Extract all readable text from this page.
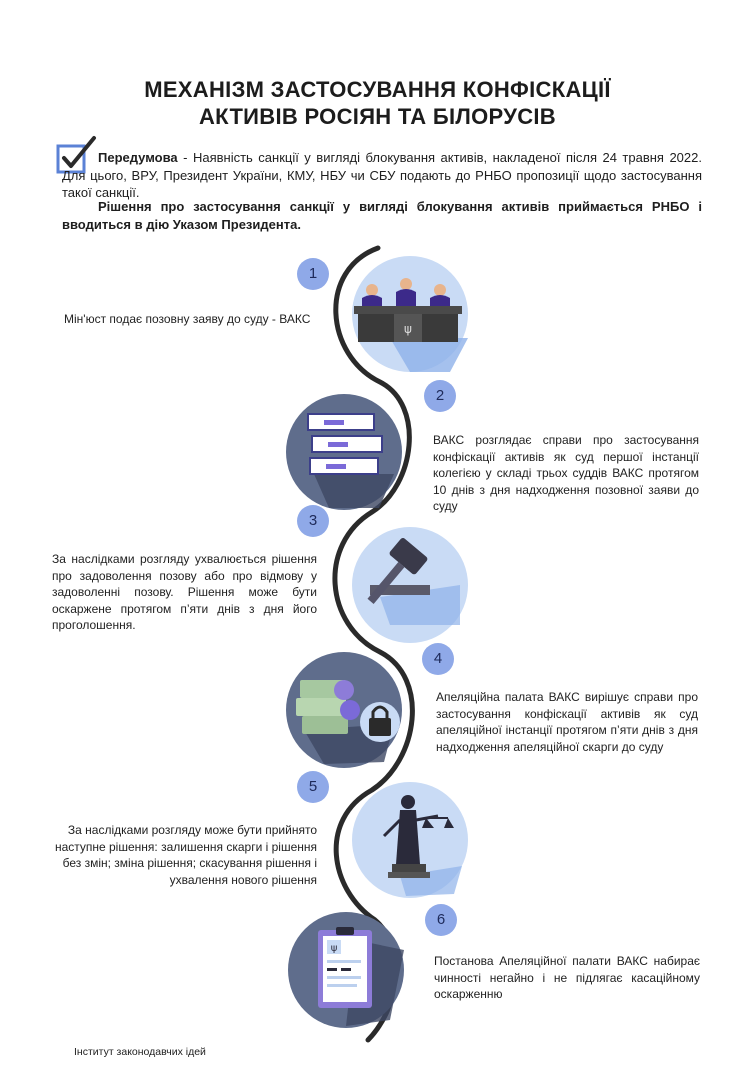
МЕХАНІЗМ ЗАСТОСУВАННЯ КОНФІСКАЦІЇ
АКТИВІВ РОСІЯН ТА БІЛОРУСІВ

Передумова - Наявність санкції у вигляді блокування активів, накладеної після 24 травня 2022. Для цього, ВРУ, Президент України, КМУ, НБУ чи СБУ подають до РНБО пропозиції щодо застосування такої санкції.

Рішення про застосування санкції у вигляді блокування активів приймається РНБО і вводиться в дію Указом Президента.

1
ψ

Мін'юст подає позовну заяву до суду - ВАКС

2

ВАКС розглядає справи про застосування конфіскації активів як суд першої інстанції колегією у складі трьох суддів ВАКС протягом 10 днів з дня надходження позовної заяви до суду

3

За наслідками розгляду ухвалюється рішення про задоволення позову або про відмову у задоволенні позову. Рішення може бути оскаржене протягом п’яти днів з дня його проголошення.

4

Апеляційна палата ВАКС вирішує справи про застосування конфіскації активів як суд апеляційної інстанції протягом п’яти днів з дня надходження апеляційної скарги до суду

5

За наслідками розгляду може бути прийнято наступне рішення: залишення скарги і рішення без змін; зміна рішення; скасування рішення і ухвалення нового рішення

6
ψ

Постанова Апеляційної палати ВАКС набирає чинності негайно і не підлягає касаційному оскарженню

Інститут законодавчих ідей
